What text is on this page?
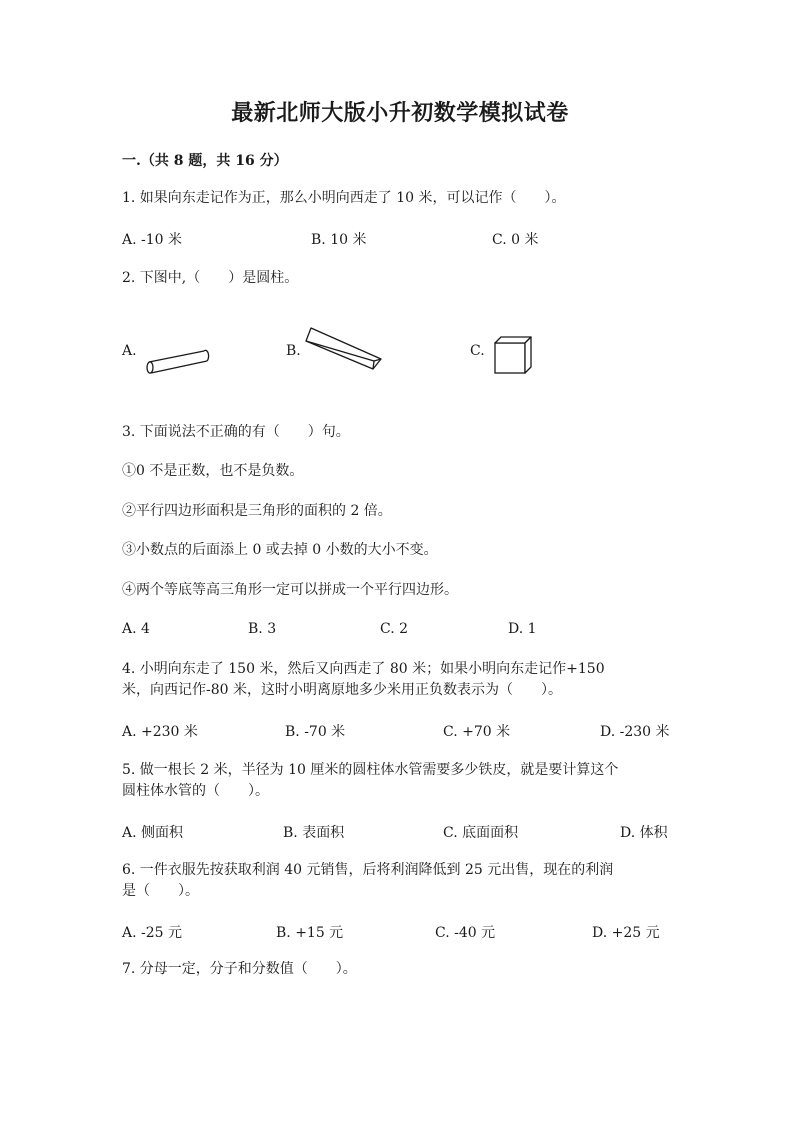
最新北师大版小升初数学模拟试卷
一.（共 8 题，共 16 分）
1. 如果向东走记作为正，那么小明向西走了 10 米，可以记作（　　）。
A. -10 米	B. 10 米	C. 0 米
2. 下图中,（　　）是圆柱。
A.	B.	C.
3. 下面说法不正确的有（　　）句。
①0 不是正数，也不是负数。
②平行四边形面积是三角形的面积的 2 倍。
③小数点的后面添上 0 或去掉 0 小数的大小不变。
④两个等底等高三角形一定可以拼成一个平行四边形。
A. 4	B. 3	C. 2	D. 1
4. 小明向东走了 150 米，然后又向西走了 80 米；如果小明向东走记作+150
米，向西记作-80 米，这时小明离原地多少米用正负数表示为（　　）。
A. +230 米	B. -70 米	C. +70 米	D. -230 米
5. 做一根长 2 米，半径为 10 厘米的圆柱体水管需要多少铁皮，就是要计算这个
圆柱体水管的（　　）。
A. 侧面积	B. 表面积	C. 底面面积	D. 体积
6. 一件衣服先按获取利润 40 元销售，后将利润降低到 25 元出售，现在的利润
是（　　）。
A. -25 元	B. +15 元	C. -40 元	D. +25 元
7. 分母一定，分子和分数值（　　）。
